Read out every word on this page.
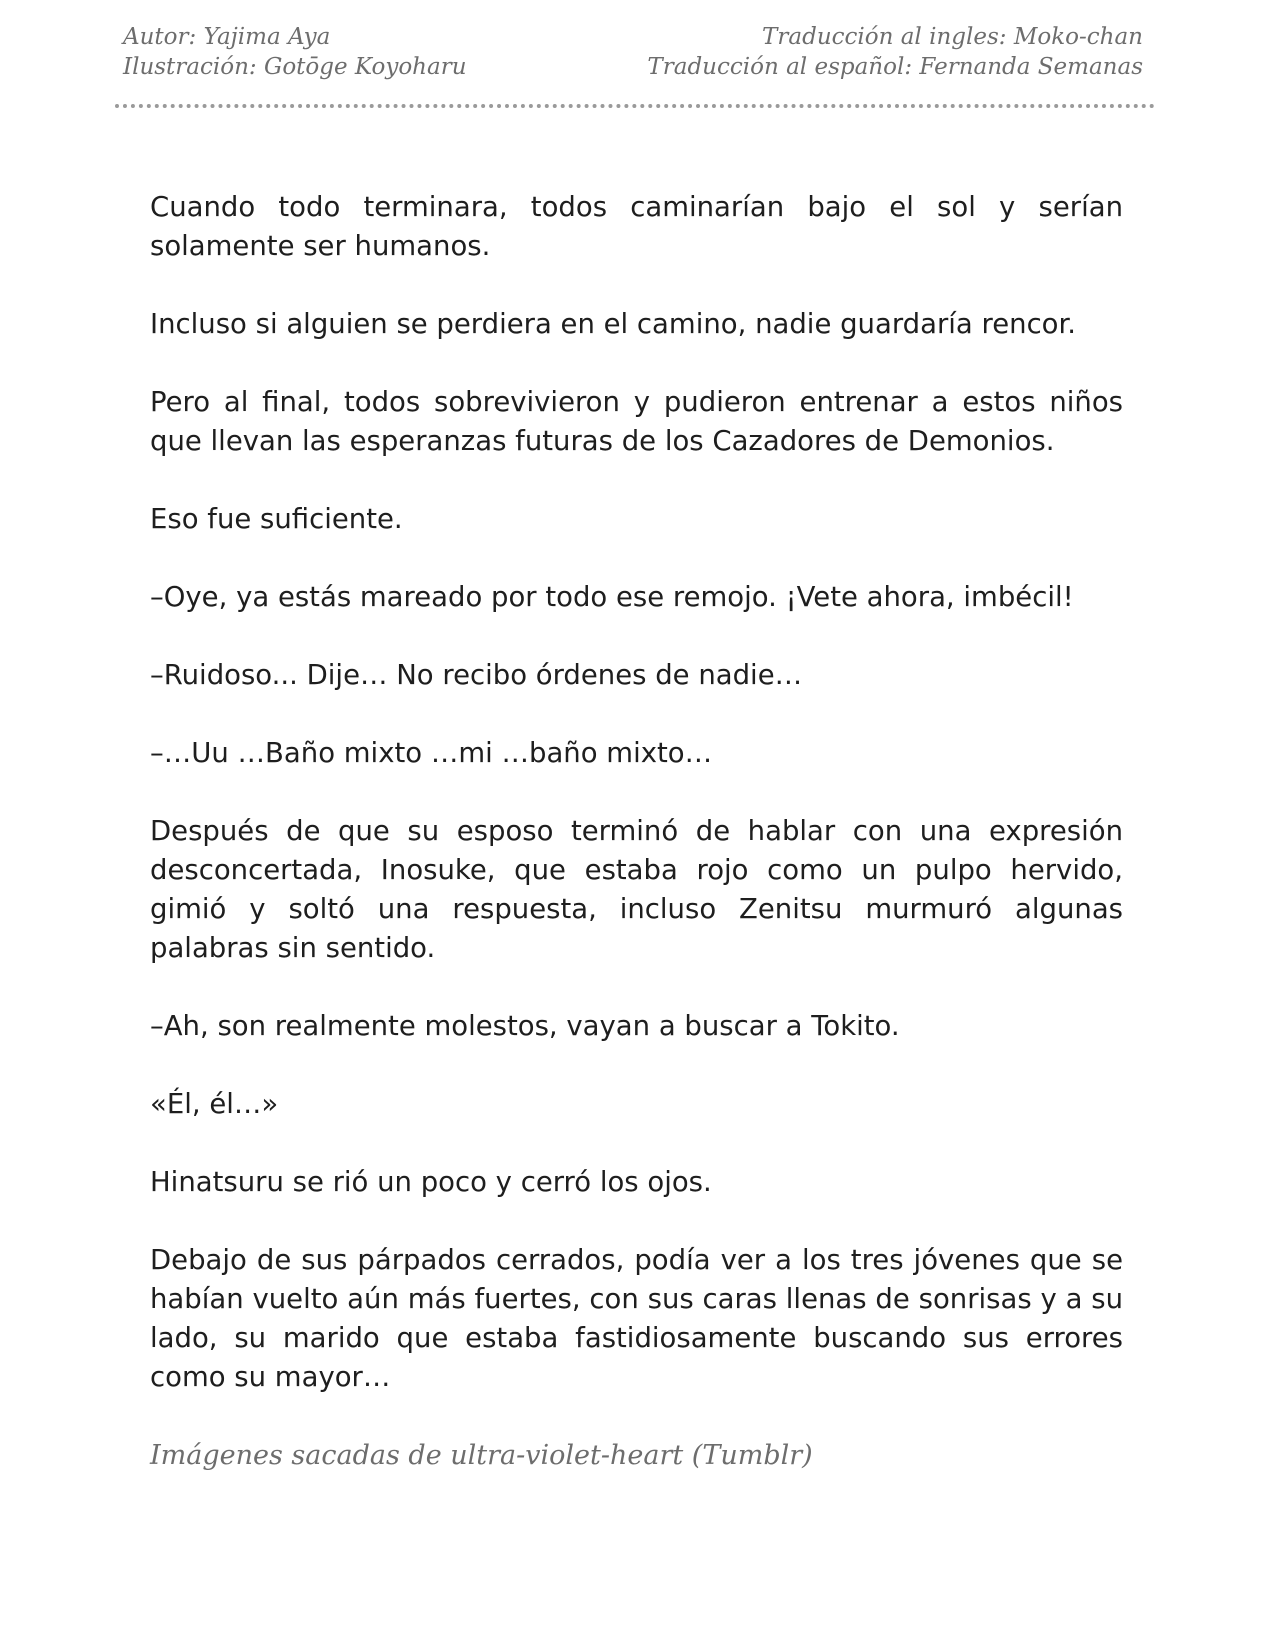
Autor: Yajima Aya
Ilustración: Gotōge Koyoharu
Traducción al ingles: Moko-chan
Traducción al español: Fernanda Semanas

Cuando todo terminara, todos caminarían bajo el sol y serían solamente ser humanos.

Incluso si alguien se perdiera en el camino, nadie guardaría rencor.

Pero al final, todos sobrevivieron y pudieron entrenar a estos niños que llevan las esperanzas futuras de los Cazadores de Demonios.

Eso fue suficiente.

–Oye, ya estás mareado por todo ese remojo. ¡Vete ahora, imbécil!

–Ruidoso... Dije… No recibo órdenes de nadie…

–…Uu …Baño mixto …mi …baño mixto…

Después de que su esposo terminó de hablar con una expresión desconcertada, Inosuke, que estaba rojo como un pulpo hervido, gimió y soltó una respuesta, incluso Zenitsu murmuró algunas palabras sin sentido.

–Ah, son realmente molestos, vayan a buscar a Tokito.

«Él, él…»

Hinatsuru se rió un poco y cerró los ojos.

Debajo de sus párpados cerrados, podía ver a los tres jóvenes que se habían vuelto aún más fuertes, con sus caras llenas de sonrisas y a su lado, su marido que estaba fastidiosamente buscando sus errores como su mayor…

Imágenes sacadas de ultra-violet-heart (Tumblr)
